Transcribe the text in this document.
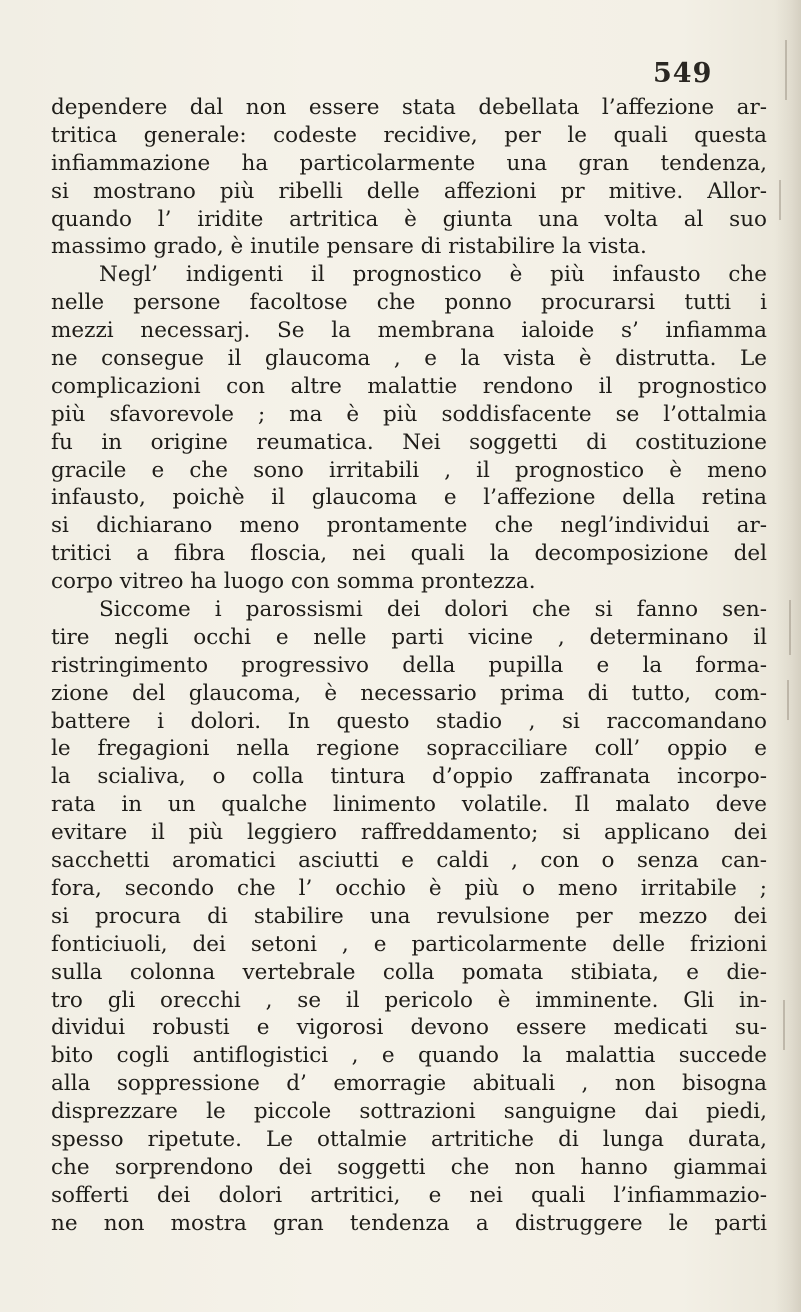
549
dependere dal non essere stata debellata l’affezione ar-
tritica generale: codeste recidive, per le quali questa
infiammazione ha particolarmente una gran tendenza,
si mostrano più ribelli delle affezioni pr mitive. Allor-
quando l’ iridite artritica è giunta una volta al suo
massimo grado, è inutile pensare di ristabilire la vista.
Negl’ indigenti il prognostico è più infausto che
nelle persone facoltose che ponno procurarsi tutti i
mezzi necessarj. Se la membrana ialoide s’ infiamma
ne consegue il glaucoma , e la vista è distrutta. Le
complicazioni con altre malattie rendono il prognostico
più sfavorevole ; ma è più soddisfacente se l’ottalmia
fu in origine reumatica. Nei soggetti di costituzione
gracile e che sono irritabili , il prognostico è meno
infausto, poichè il glaucoma e l’affezione della retina
si dichiarano meno prontamente che negl’individui ar-
tritici a fibra floscia, nei quali la decomposizione del
corpo vitreo ha luogo con somma prontezza.
Siccome i parossismi dei dolori che si fanno sen-
tire negli occhi e nelle parti vicine , determinano il
ristringimento progressivo della pupilla e la forma-
zione del glaucoma, è necessario prima di tutto, com-
battere i dolori. In questo stadio , si raccomandano
le fregagioni nella regione sopracciliare coll’ oppio e
la scialiva, o colla tintura d’oppio zaffranata incorpo-
rata in un qualche linimento volatile. Il malato deve
evitare il più leggiero raffreddamento; si applicano dei
sacchetti aromatici asciutti e caldi , con o senza can-
fora, secondo che l’ occhio è più o meno irritabile ;
si procura di stabilire una revulsione per mezzo dei
fonticiuoli, dei setoni , e particolarmente delle frizioni
sulla colonna vertebrale colla pomata stibiata, e die-
tro gli orecchi , se il pericolo è imminente. Gli in-
dividui robusti e vigorosi devono essere medicati su-
bito cogli antiflogistici , e quando la malattia succede
alla soppressione d’ emorragie abituali , non bisogna
disprezzare le piccole sottrazioni sanguigne dai piedi,
spesso ripetute. Le ottalmie artritiche di lunga durata,
che sorprendono dei soggetti che non hanno giammai
sofferti dei dolori artritici, e nei quali l’infiammazio-
ne non mostra gran tendenza a distruggere le parti
